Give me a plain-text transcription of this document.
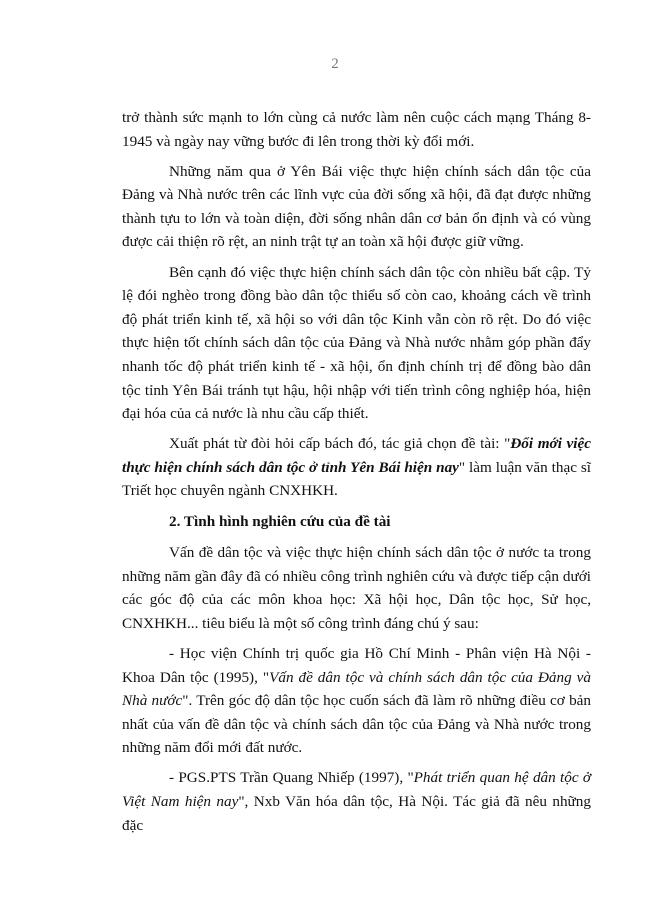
2

trở thành sức mạnh to lớn cùng cả nước làm nên cuộc cách mạng Tháng 8-1945 và ngày nay vững bước đi lên trong thời kỳ đổi mới.

Những năm qua ở Yên Bái việc thực hiện chính sách dân tộc của Đảng và Nhà nước trên các lĩnh vực của đời sống xã hội, đã đạt được những thành tựu to lớn và toàn diện, đời sống nhân dân cơ bản ổn định và có vùng được cải thiện rõ rệt, an ninh trật tự an toàn xã hội được giữ vững.

Bên cạnh đó việc thực hiện chính sách dân tộc còn nhiều bất cập. Tỷ lệ đói nghèo trong đồng bào dân tộc thiểu số còn cao, khoảng cách về trình độ phát triển kinh tế, xã hội so với dân tộc Kinh vẫn còn rõ rệt. Do đó việc thực hiện tốt chính sách dân tộc của Đảng và Nhà nước nhằm góp phần đẩy nhanh tốc độ phát triển kinh tế - xã hội, ổn định chính trị để đồng bào dân tộc tỉnh Yên Bái tránh tụt hậu, hội nhập với tiến trình công nghiệp hóa, hiện đại hóa của cả nước là nhu cầu cấp thiết.

Xuất phát từ đòi hỏi cấp bách đó, tác giả chọn đề tài: "Đổi mới việc thực hiện chính sách dân tộc ở tỉnh Yên Bái hiện nay" làm luận văn thạc sĩ Triết học chuyên ngành CNXHKH.

2. Tình hình nghiên cứu của đề tài

Vấn đề dân tộc và việc thực hiện chính sách dân tộc ở nước ta trong những năm gần đây đã có nhiều công trình nghiên cứu và được tiếp cận dưới các góc độ của các môn khoa học: Xã hội học, Dân tộc học, Sử học, CNXHKH... tiêu biểu là một số công trình đáng chú ý sau:

- Học viện Chính trị quốc gia Hồ Chí Minh - Phân viện Hà Nội - Khoa Dân tộc (1995), "Vấn đề dân tộc và chính sách dân tộc của Đảng và Nhà nước". Trên góc độ dân tộc học cuốn sách đã làm rõ những điều cơ bản nhất của vấn đề dân tộc và chính sách dân tộc của Đảng và Nhà nước trong những năm đổi mới đất nước.

- PGS.PTS Trần Quang Nhiếp (1997), "Phát triển quan hệ dân tộc ở Việt Nam hiện nay", Nxb Văn hóa dân tộc, Hà Nội. Tác giả đã nêu những đặc
